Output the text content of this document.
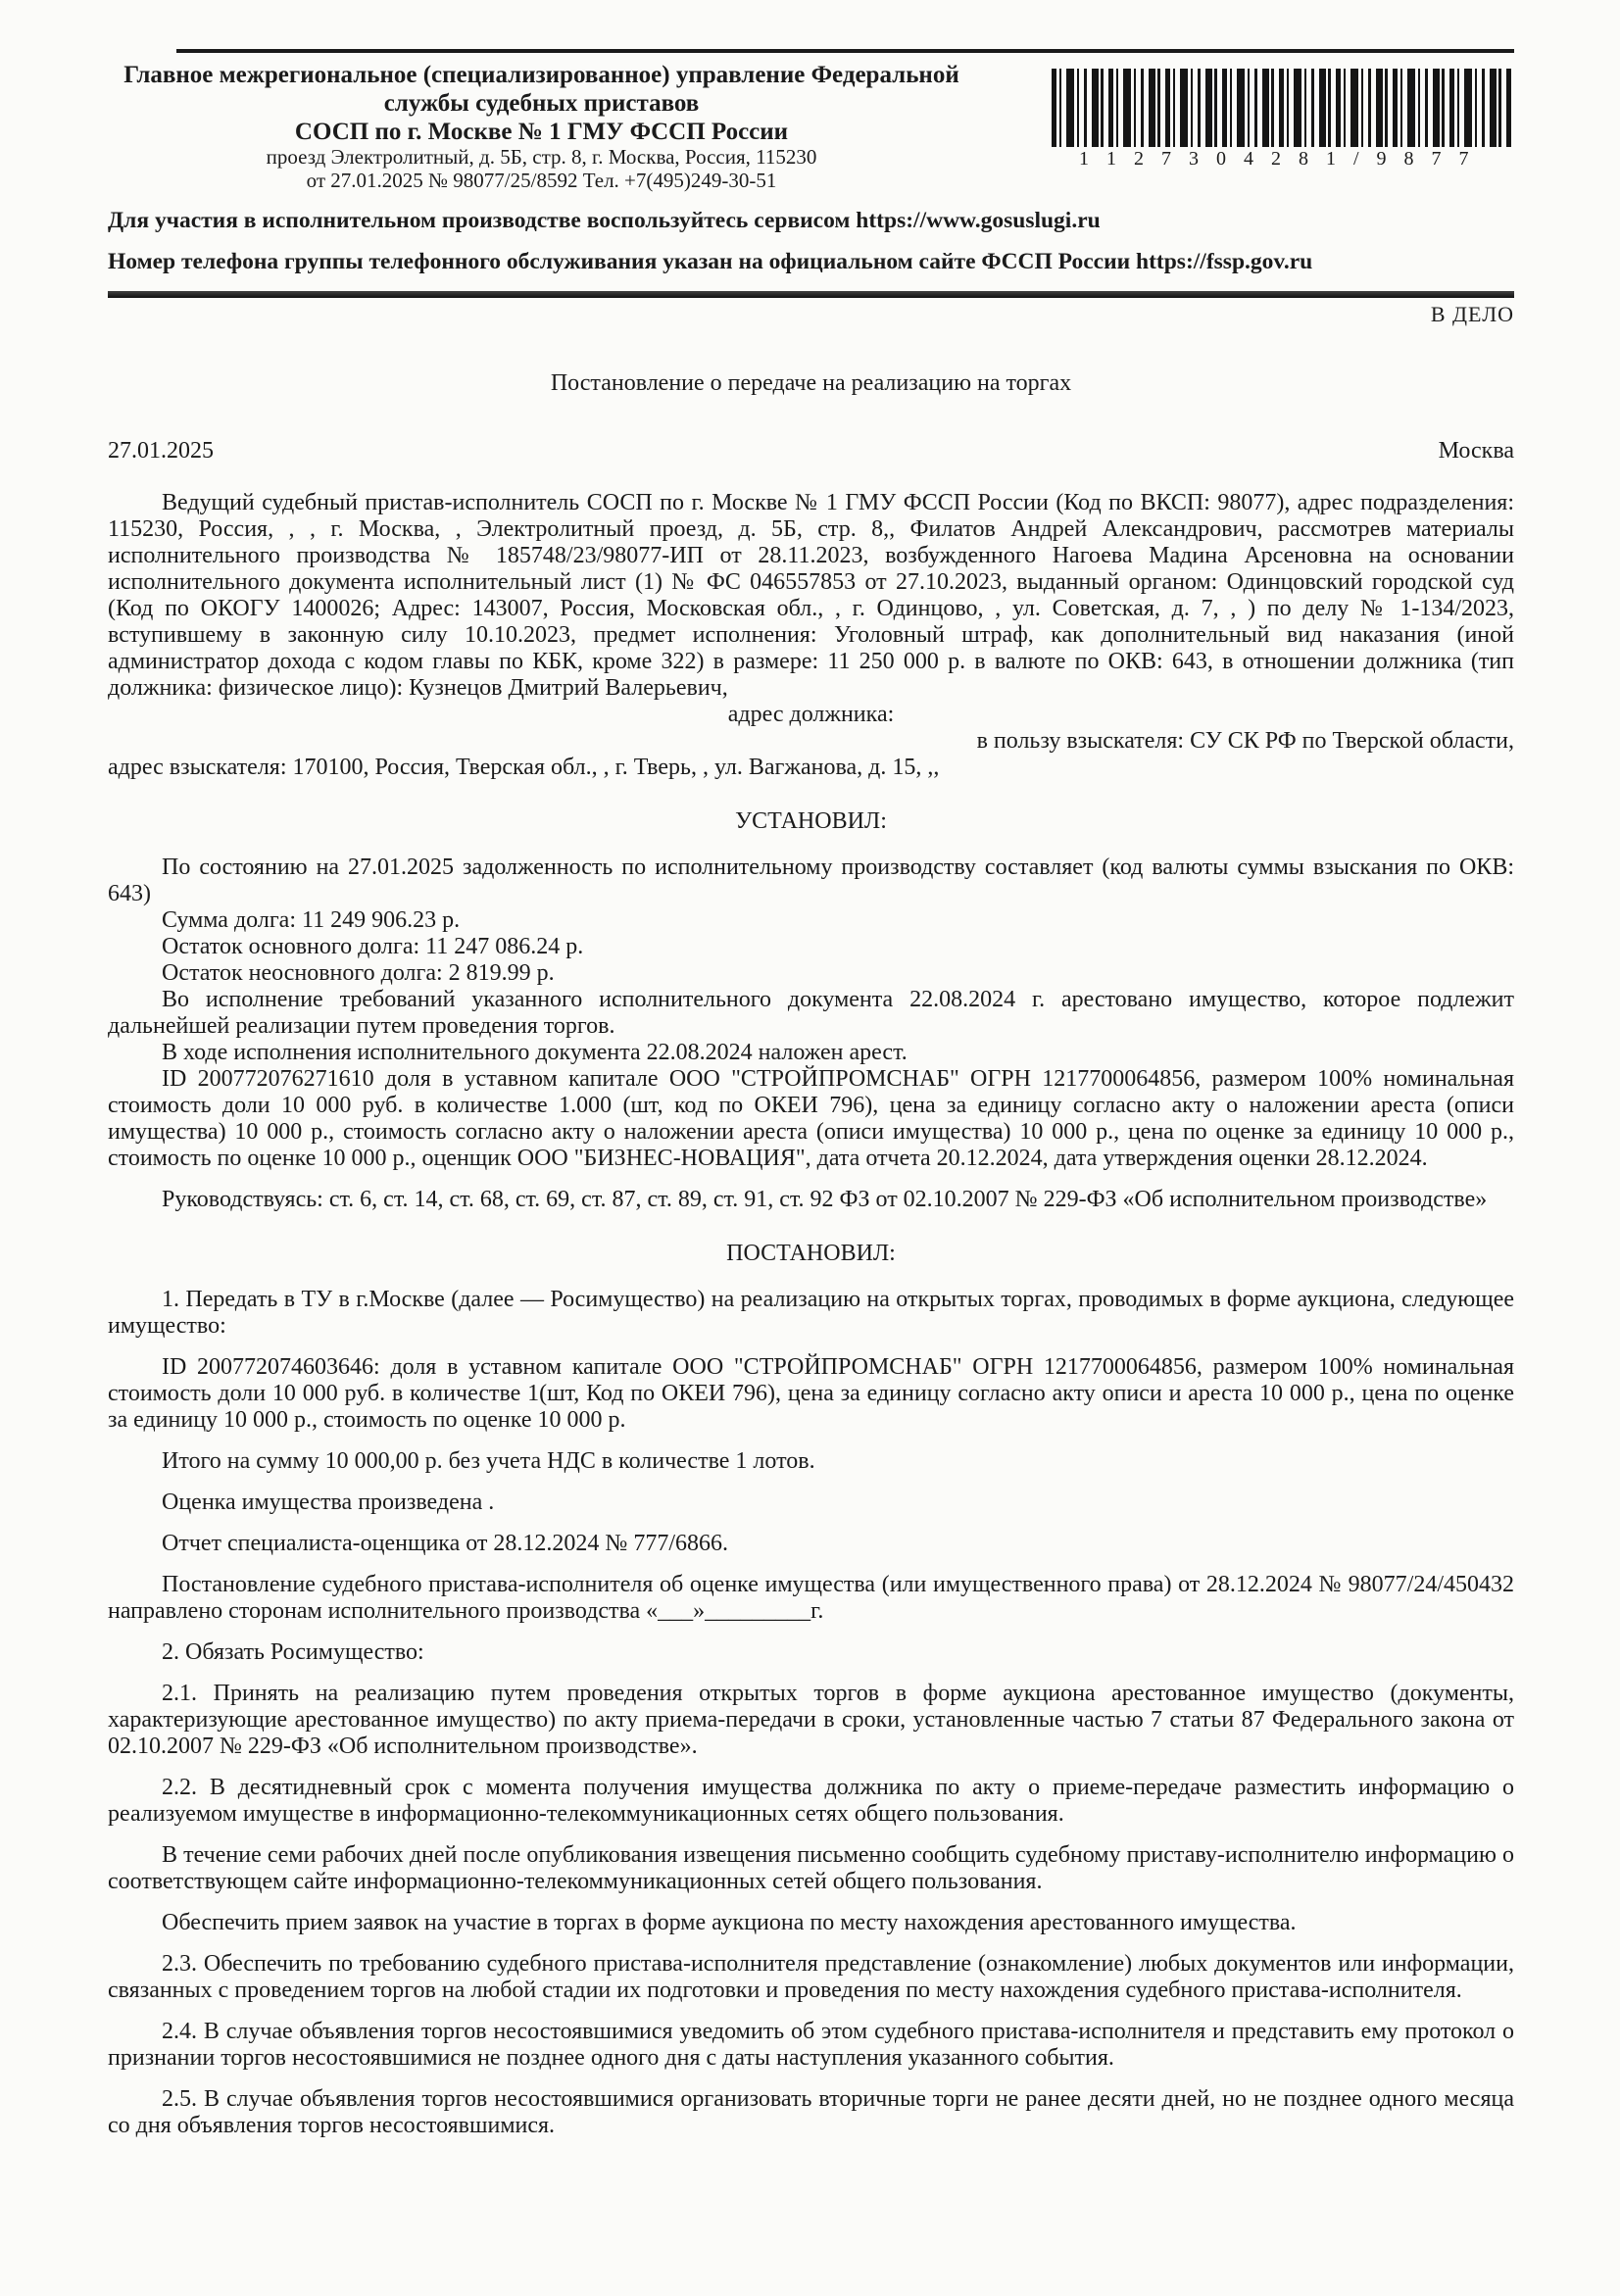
Главное межрегиональное (специализированное) управление Федеральной службы судебных приставов
СОСП по г. Москве № 1 ГМУ ФССП России
проезд Электролитный, д. 5Б, стр. 8, г. Москва, Россия, 115230
от 27.01.2025 № 98077/25/8592 Тел. +7(495)249-30-51
1 1 2 7 3 0 4 2 8 1 / 9 8 7 7
Для участия в исполнительном производстве воспользуйтесь сервисом https://www.gosuslugi.ru
Номер телефона группы телефонного обслуживания указан на официальном сайте ФССП России https://fssp.gov.ru
В ДЕЛО
Постановление о передаче на реализацию на торгах
27.01.2025	Москва

Ведущий судебный пристав-исполнитель СОСП по г. Москве № 1 ГМУ ФССП России (Код по ВКСП: 98077), адрес подразделения: 115230, Россия, , , г. Москва, , Электролитный проезд, д. 5Б, стр. 8,, Филатов Андрей Александрович, рассмотрев материалы исполнительного производства № 185748/23/98077-ИП от 28.11.2023, возбужденного Нагоева Мадина Арсеновна на основании исполнительного документа исполнительный лист (1) № ФС 046557853 от 27.10.2023, выданный органом: Одинцовский городской суд (Код по ОКОГУ 1400026; Адрес: 143007, Россия, Московская обл., , г. Одинцово, , ул. Советская, д. 7, , ) по делу № 1-134/2023, вступившему в законную силу 10.10.2023, предмет исполнения: Уголовный штраф, как дополнительный вид наказания (иной администратор дохода с кодом главы по КБК, кроме 322) в размере: 11 250 000 р. в валюте по ОКВ: 643, в отношении должника (тип должника: физическое лицо): Кузнецов Дмитрий Валерьевич,

адрес должника:

в пользу взыскателя: СУ СК РФ по Тверской области,

адрес взыскателя: 170100, Россия, Тверская обл., , г. Тверь, , ул. Вагжанова, д. 15, ,,

УСТАНОВИЛ:

По состоянию на 27.01.2025 задолженность по исполнительному производству составляет (код валюты суммы взыскания по ОКВ: 643)

Сумма долга: 11 249 906.23 р.

Остаток основного долга: 11 247 086.24 р.

Остаток неосновного долга: 2 819.99 р.

Во исполнение требований указанного исполнительного документа 22.08.2024 г. арестовано имущество, которое подлежит дальнейшей реализации путем проведения торгов.

В ходе исполнения исполнительного документа 22.08.2024 наложен арест.

ID 200772076271610 доля в уставном капитале ООО "СТРОЙПРОМСНАБ" ОГРН 1217700064856, размером 100% номинальная стоимость доли 10 000 руб. в количестве 1.000 (шт, код по ОКЕИ 796), цена за единицу согласно акту о наложении ареста (описи имущества) 10 000 р., стоимость согласно акту о наложении ареста (описи имущества) 10 000 р., цена по оценке за единицу 10 000 р., стоимость по оценке 10 000 р., оценщик ООО "БИЗНЕС-НОВАЦИЯ", дата отчета 20.12.2024, дата утверждения оценки 28.12.2024.

Руководствуясь: ст. 6, ст. 14, ст. 68, ст. 69, ст. 87, ст. 89, ст. 91, ст. 92 ФЗ от 02.10.2007 № 229-ФЗ «Об исполнительном производстве»

ПОСТАНОВИЛ:

1. Передать в ТУ в г.Москве (далее — Росимущество) на реализацию на открытых торгах, проводимых в форме аукциона, следующее имущество:

ID 200772074603646: доля в уставном капитале ООО "СТРОЙПРОМСНАБ" ОГРН 1217700064856, размером 100% номинальная стоимость доли 10 000 руб. в количестве 1(шт, Код по ОКЕИ 796), цена за единицу согласно акту описи и ареста 10 000 р., цена по оценке за единицу 10 000 р., стоимость по оценке 10 000 р.

Итого на сумму 10 000,00 р. без учета НДС в количестве 1 лотов.

Оценка имущества произведена .

Отчет специалиста-оценщика от 28.12.2024 № 777/6866.

Постановление судебного пристава-исполнителя об оценке имущества (или имущественного права) от 28.12.2024 № 98077/24/450432 направлено сторонам исполнительного производства «___»_________г.

2. Обязать Росимущество:

2.1. Принять на реализацию путем проведения открытых торгов в форме аукциона арестованное имущество (документы, характеризующие арестованное имущество) по акту приема-передачи в сроки, установленные частью 7 статьи 87 Федерального закона от 02.10.2007 № 229-ФЗ «Об исполнительном производстве».

2.2. В десятидневный срок с момента получения имущества должника по акту о приеме-передаче разместить информацию о реализуемом имуществе в информационно-телекоммуникационных сетях общего пользования.

В течение семи рабочих дней после опубликования извещения письменно сообщить судебному приставу-исполнителю информацию о соответствующем сайте информационно-телекоммуникационных сетей общего пользования.

Обеспечить прием заявок на участие в торгах в форме аукциона по месту нахождения арестованного имущества.

2.3. Обеспечить по требованию судебного пристава-исполнителя представление (ознакомление) любых документов или информации, связанных с проведением торгов на любой стадии их подготовки и проведения по месту нахождения судебного пристава-исполнителя.

2.4. В случае объявления торгов несостоявшимися уведомить об этом судебного пристава-исполнителя и представить ему протокол о признании торгов несостоявшимися не позднее одного дня с даты наступления указанного события.

2.5. В случае объявления торгов несостоявшимися организовать вторичные торги не ранее десяти дней, но не позднее одного месяца со дня объявления торгов несостоявшимися.
